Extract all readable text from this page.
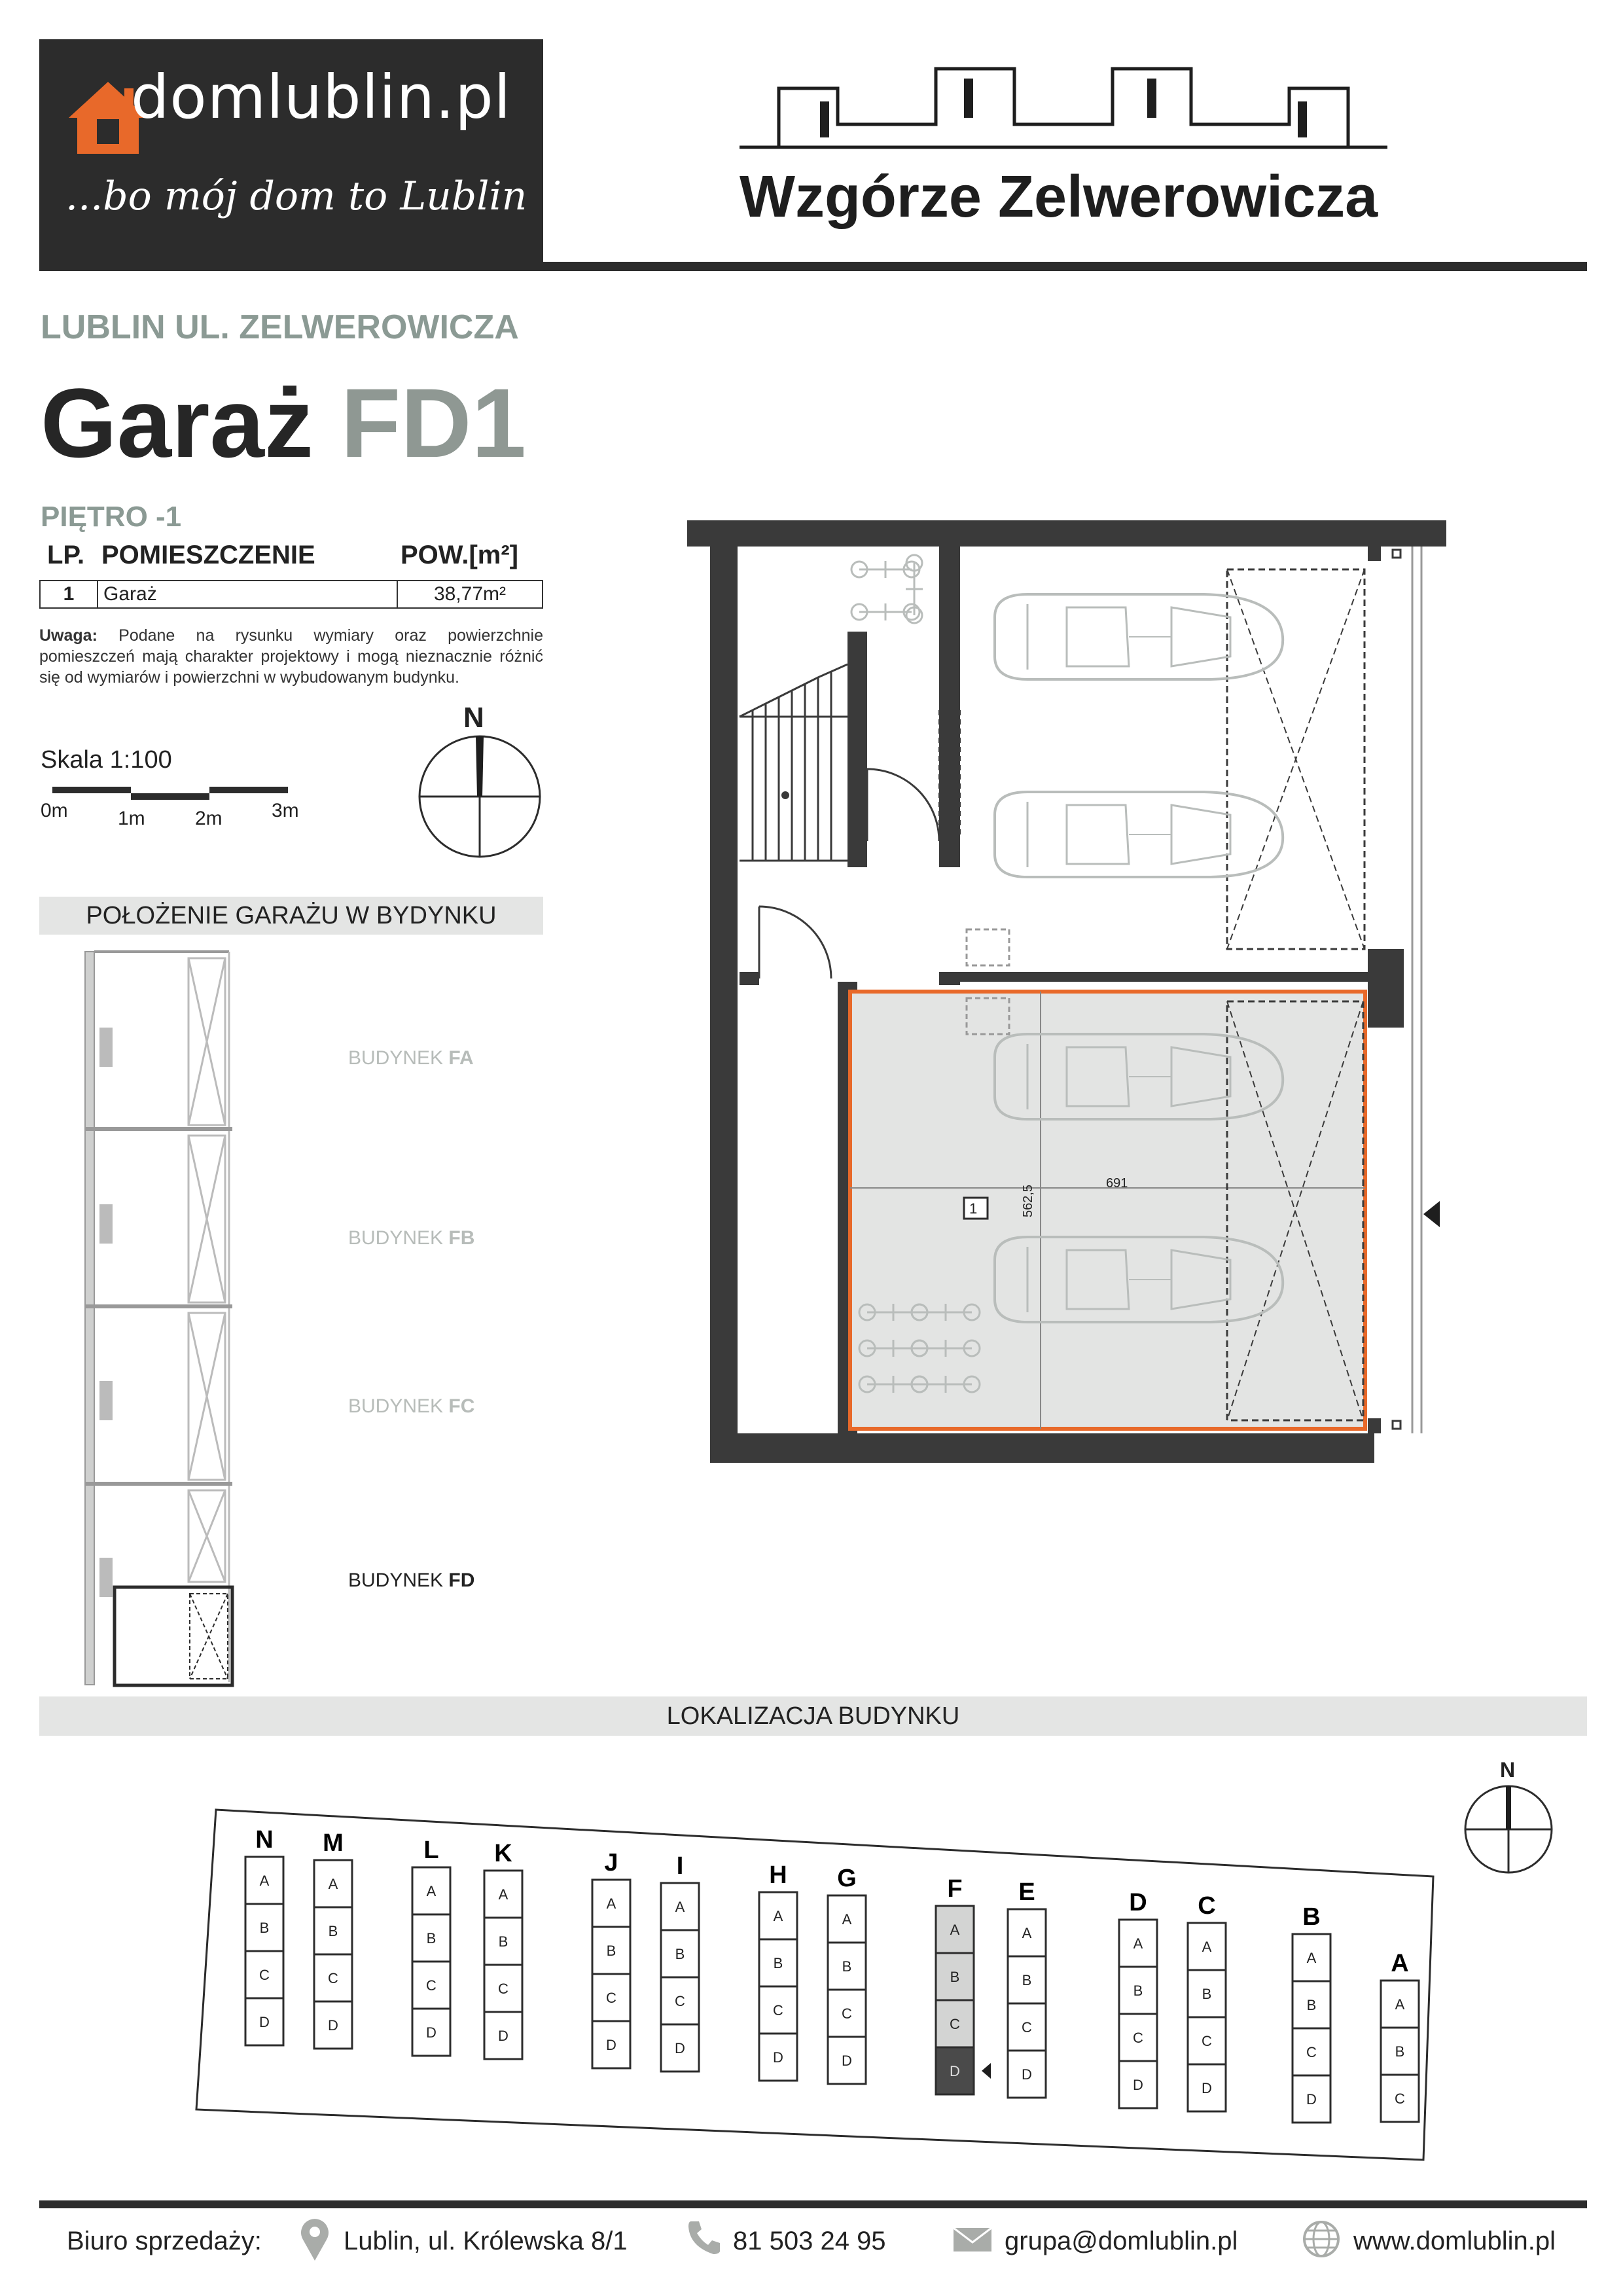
domlublin.pl
...bo mój dom to Lublin	Wzgórze Zelwerowicza
LUBLIN UL. ZELWEROWICZA
Garaż FD1
PIĘTRO -1
LP. POMIESZCZENIE	POW.[m²]
1	Garaż	38,77m²
Uwaga: Podane na rysunku wymiary oraz powierzchnie pomieszczeń mają charakter projektowy i mogą nieznacznie różnić się od wymiarów i powierzchni w wybudowanym budynku.
Skala 1:100
0m	1m	2m	3m
N
POŁOŻENIE GARAŻU W BYDYNKU
BUDYNEK FA
BUDYNEK FB
BUDYNEK FC
BUDYNEK FD
1
691
562,5
LOKALIZACJA BUDYNKU
N
N
A
B
C
D
M
A
B
C
D
L
A
B
C
D
K
A
B
C
D
J
A
B
C
D
I
A
B
C
D
H
A
B
C
D
G
A
B
C
D
F
A
B
C
D
E
A
B
C
D
D
A
B
C
D
C
A
B
C
D
B
A
B
C
D
A
A
B
C
Biuro sprzedaży:	Lublin, ul. Królewska 8/1	81 503 24 95	grupa@domlublin.pl	www.domlublin.pl
